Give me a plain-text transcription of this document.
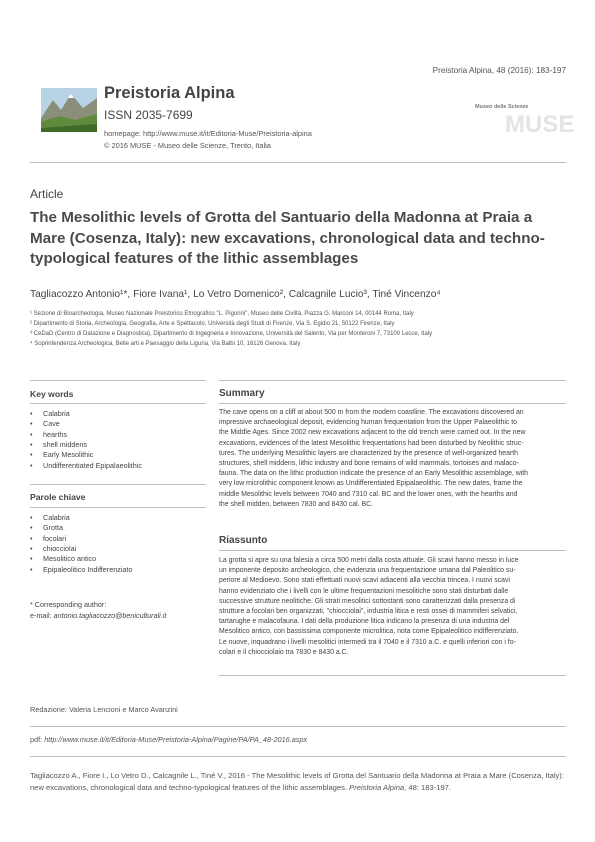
Preistoria Alpina, 48 (2016): 183-197
Preistoria Alpina
ISSN 2035-7699
homepage: http://www.muse.it/it/Editoria-Muse/Preistoria-alpina
© 2016 MUSE - Museo delle Scienze, Trento, Italia
Museo delle Scienze
MUSE
Article
The Mesolithic levels of Grotta del Santuario della Madonna at Praia a Mare (Cosenza, Italy): new excavations, chronological data and techno-typological features of the lithic assemblages
Tagliacozzo Antonio¹*, Fiore Ivana¹, Lo Vetro Domenico², Calcagnile Lucio³, Tiné Vincenzo⁴
¹ Sezione di Bioarcheologia, Museo Nazionale Preistorico Etnografico "L. Pigorini", Museo delle Civiltà, Piazza G. Marconi 14, 00144 Roma, Italy
² Dipartimento di Storia, Archeologia, Geografia, Arte e Spettacolo, Università degli Studi di Firenze, Via S. Egidio 21, 50122 Firenze, Italy
³ CeDaD (Centro di Datazione e Diagnostica), Dipartimento di Ingegneria e Innovazione, Università del Salento, Via per Monteroni 7, 73100 Lecce, Italy
⁴ Soprintendenza Archeologica, Belle arti e Paesaggio della Liguria, Via Balbi 10, 16126 Genova, Italy
Key words
• Calabria
• Cave
• hearths
• shell middens
• Early Mesolithic
• Undifferentiated Epipalaeolithic
Parole chiave
• Calabria
• Grotta
• focolari
• chiocciolai
• Mesolitico antico
• Epipaleolitico Indifferenziato
* Corresponding author:
e-mail: antonio.tagliacozzo@beniculturali.it
Summary
The cave opens on a cliff at about 500 m from the modern coastline. The excavations discovered an
impressive archaeological deposit, evidencing human frequentation from the Upper Palaeolithic to
the Middle Ages. Since 2002 new excavations adjacent to the old trench were carried out. In the new
excavations, evidences of the latest Mesolithic frequentations had been disturbed by Neolithic struc-
tures. The underlying Mesolithic layers are characterized by the presence of well-organized hearth
structures, shell middens, lithic industry and bone remains of wild mammals, tortoises and malaco-
fauna. The data on the lithic production indicate the presence of an Early Mesolithic assemblage, with
very low microlithic component known as Undifferentiated Epipalaeolithic. The new dates, frame the
middle Mesolithic levels between 7040 and 7310 cal. BC and the lower ones, with the hearths and
the shell midden, between 7830 and 8430 cal. BC.
Riassunto
La grotta si apre su una falesia a circa 500 metri dalla costa attuale. Gli scavi hanno messo in luce
un imponente deposito archeologico, che evidenzia una frequentazione umana dal Paleolitico su-
periore al Medioevo. Sono stati effettuati nuovi scavi adiacenti alla vecchia trincea. I nuovi scavi
hanno evidenziato che i livelli con le ultime frequentazioni mesolitiche sono stati disturbati dalle
successive strutture neolitiche. Gli strati mesolitici sottostanti sono caratterizzati dalla presenza di
strutture a focolari ben organizzati, "chiocciolai", industria litica e resti ossei di mammiferi selvatici,
tartarughe e malacofauna. I dati della produzione litica indicano la presenza di una industria del
Mesolitico antico, con bassissima componente microlitica, nota come Epipaleolitico indifferenziato.
Le nuove, inquadrano i livelli mesolitici intermedi tra il 7040 e il 7310 a.C. e quelli inferiori con i fo-
colari e il chiocciolaio tra 7830 e 8430 a.C.
Redazione: Valeria Lencioni e Marco Avanzini
pdf: http://www.muse.it/it/Editoria-Muse/Preistoria-Alpina/Pagine/PA/PA_48-2016.aspx
Tagliacozzo A., Fiore I., Lo Vetro D., Calcagnile L., Tiné V., 2016 - The Mesolithic levels of Grotta del Santuario della Madonna at Praia a Mare (Cosenza, Italy): new excavations, chronological data and techno-typological features of the lithic assemblages. Preistoria Alpina, 48: 183-197.
